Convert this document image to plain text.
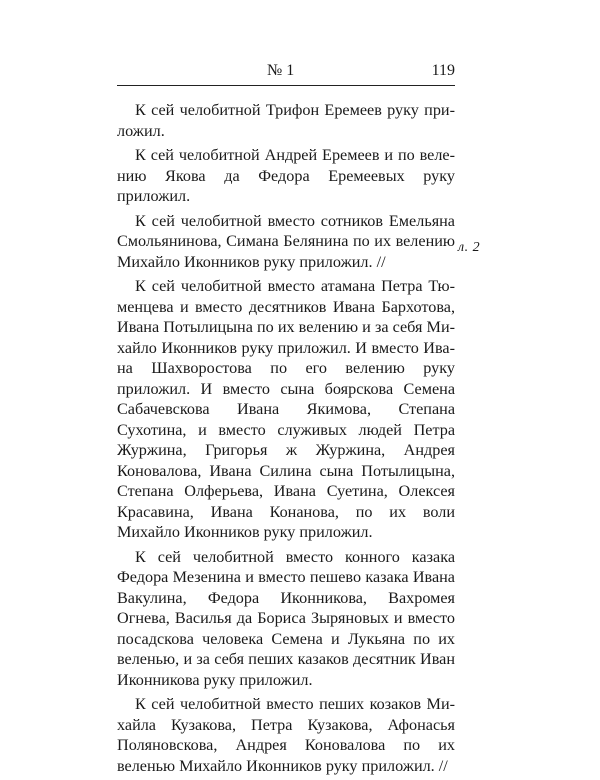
№ 1	119
л. 2

К сей челобитной Трифон Еремеев руку приложил.

К сей челобитной Андрей Еремеев и по велению Якова да Федора Еремеевых руку приложил.

К сей челобитной вместо сотников Емельяна Смольянинова, Симана Белянина по их велению Михайло Иконников руку приложил. //

К сей челобитной вместо атамана Петра Тюменцева и вместо десятников Ивана Бархотова, Ивана Потылицына по их велению и за себя Михайло Иконников руку приложил. И вместо Ивана Шахворостова по его велению руку приложил. И вместо сына боярскова Семена Сабачевскова Ивана Якимова, Степана Сухотина, и вместо служивых людей Петра Журжина, Григорья ж Журжина, Андрея Коновалова, Ивана Силина сына Потылицына, Степана Олферьева, Ивана Суетина, Олексея Красавина, Ивана Конанова, по их воли Михайло Иконников руку приложил.

К сей челобитной вместо конного казака Федора Мезенина и вместо пешево казака Ивана Вакулина, Федора Иконникова, Вахромея Огнева, Василья да Бориса Зыряновых и вместо посадскова человека Семена и Лукьяна по их веленью, и за себя пеших казаков десятник Иван Иконникова руку приложил.

К сей челобитной вместо пеших козаков Михайла Кузакова, Петра Кузакова, Афонасья Поляновскова, Андрея Коновалова по их веленью Михайло Иконников руку приложил. //
